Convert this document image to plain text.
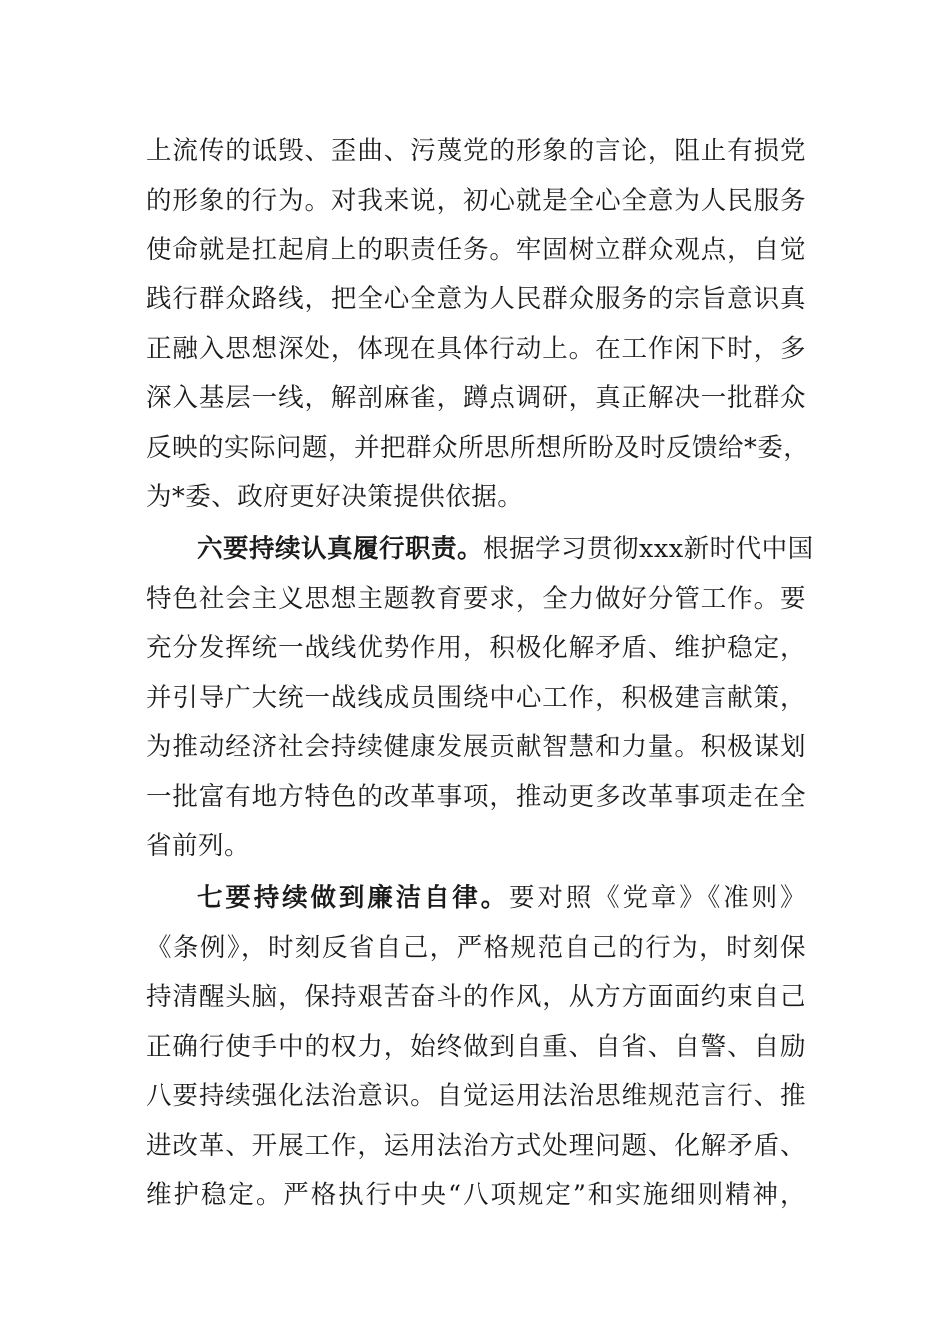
上流传的诋毁、歪曲、污蔑党的形象的言论，阻止有损党
的形象的行为。对我来说，初心就是全心全意为人民服务
使命就是扛起肩上的职责任务。牢固树立群众观点，自觉
践行群众路线，把全心全意为人民群众服务的宗旨意识真
正融入思想深处，体现在具体行动上。在工作闲下时，多
深入基层一线，解剖麻雀，蹲点调研，真正解决一批群众
反映的实际问题，并把群众所思所想所盼及时反馈给*委，
为*委、政府更好决策提供依据。
六要持续认真履行职责。根据学习贯彻xxx新时代中国
特色社会主义思想主题教育要求，全力做好分管工作。要
充分发挥统一战线优势作用，积极化解矛盾、维护稳定，
并引导广大统一战线成员围绕中心工作，积极建言献策，
为推动经济社会持续健康发展贡献智慧和力量。积极谋划
一批富有地方特色的改革事项，推动更多改革事项走在全
省前列。
七要持续做到廉洁自律。要对照《党章》《准则》
《条例》，时刻反省自己，严格规范自己的行为，时刻保
持清醒头脑，保持艰苦奋斗的作风，从方方面面约束自己
正确行使手中的权力，始终做到自重、自省、自警、自励
八要持续强化法治意识。自觉运用法治思维规范言行、推
进改革、开展工作，运用法治方式处理问题、化解矛盾、
维护稳定。严格执行中央“八项规定”和实施细则精神，
